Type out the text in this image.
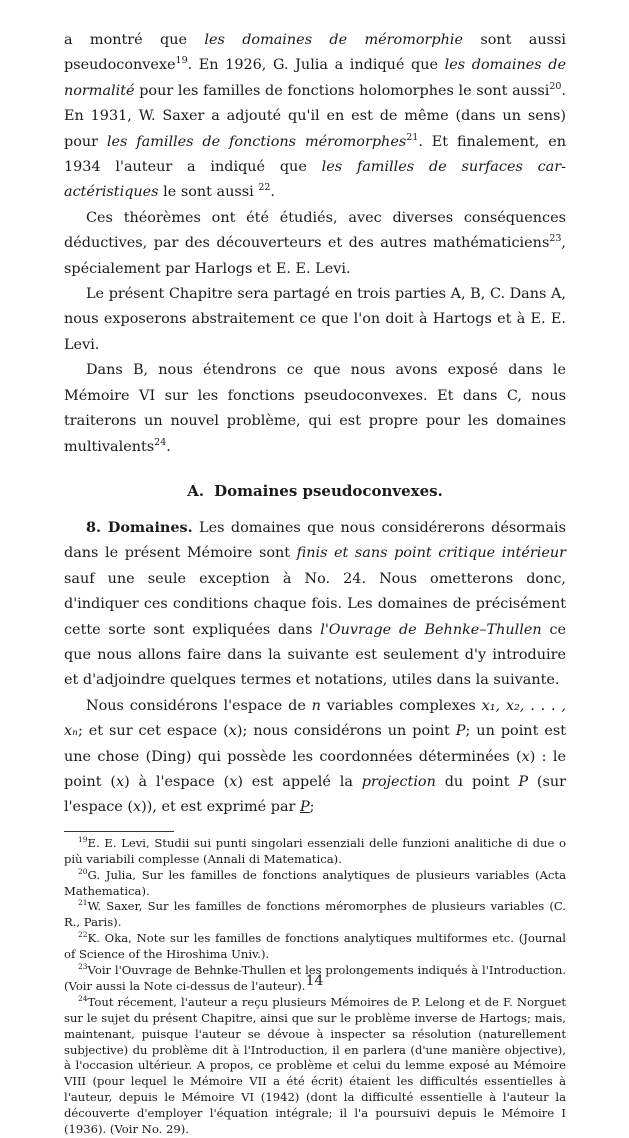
a montré que les domaines de méromorphie sont aussi pseudoconvexe$^{19}$. En 1926, G. Julia a indiqué que les domaines de normalité pour les familles de fonctions holomorphes le sont aussi$^{20}$. En 1931, W. Saxer a adjouté qu'il en est de même (dans un sens) pour les familles de fonctions méromorphes$^{21}$. Et finalement, en 1934 l'auteur a indiqué que les familles de surfaces car-actéristiques le sont aussi $^{22}$.

Ces théorèmes ont été étudiés, avec diverses conséquences déductives, par des découverteurs et des autres mathématiciens$^{23}$, spécialement par Harlogs et E. E. Levi.

Le présent Chapitre sera partagé en trois parties A, B, C. Dans A, nous exposerons abstraitement ce que l'on doit à Hartogs et à E. E. Levi.

Dans B, nous étendrons ce que nous avons exposé dans le Mémoire VI sur les fonctions pseudoconvexes. Et dans C, nous traiterons un nouvel problème, qui est propre pour les domaines multivalents$^{24}$.

A. Domaines pseudoconvexes.

8. Domaines. Les domaines que nous considérerons désormais dans le présent Mémoire sont finis et sans point critique intérieur sauf une seule exception à No. 24. Nous ometterons donc, d'indiquer ces conditions chaque fois. Les domaines de précisément cette sorte sont expliquées dans l'Ouvrage de Behnke–Thullen ce que nous allons faire dans la suivante est seulement d'y introduire et d'adjoindre quelques termes et notations, utiles dans la suivante.

Nous considérons l'espace de n variables complexes x₁, x₂, . . . , xₙ; et sur cet espace (x); nous considérons un point P; un point est une chose (Ding) qui possède les coordonnées déterminées (x) : le point (x) à l'espace (x) est appelé la projection du point P (sur l'espace (x)), et est exprimé par P;

$^{19}$E. E. Levi, Studii sui punti singolari essenziali delle funzioni analitiche di due o più variabili complesse (Annali di Matematica).

$^{20}$G. Julia, Sur les familles de fonctions analytiques de plusieurs variables (Acta Mathematica).

$^{21}$W. Saxer, Sur les familles de fonctions méromorphes de plusieurs variables (C. R., Paris).

$^{22}$K. Oka, Note sur les familles de fonctions analytiques multiformes etc. (Journal of Science of the Hiroshima Univ.).

$^{23}$Voir l'Ouvrage de Behnke-Thullen et les prolongements indiqués à l'Introduction. (Voir aussi la Note ci-dessus de l'auteur).

$^{24}$Tout récement, l'auteur a reçu plusieurs Mémoires de P. Lelong et de F. Norguet sur le sujet du présent Chapitre, ainsi que sur le problème inverse de Hartogs; mais, maintenant, puisque l'auteur se dévoue à inspecter sa résolution (naturellement subjective) du problème dit à l'Introduction, il en parlera (d'une manière objective), à l'occasion ultérieur. A propos, ce problème et celui du lemme exposé au Mémoire VIII (pour lequel le Mémoire VII a été écrit) étaient les difficultés essentielles à l'auteur, depuis le Mémoire VI (1942) (dont la difficulté essentielle à l'auteur la découverte d'employer l'équation intégrale; il l'a poursuivi depuis le Mémoire I (1936). (Voir No. 29).

14
